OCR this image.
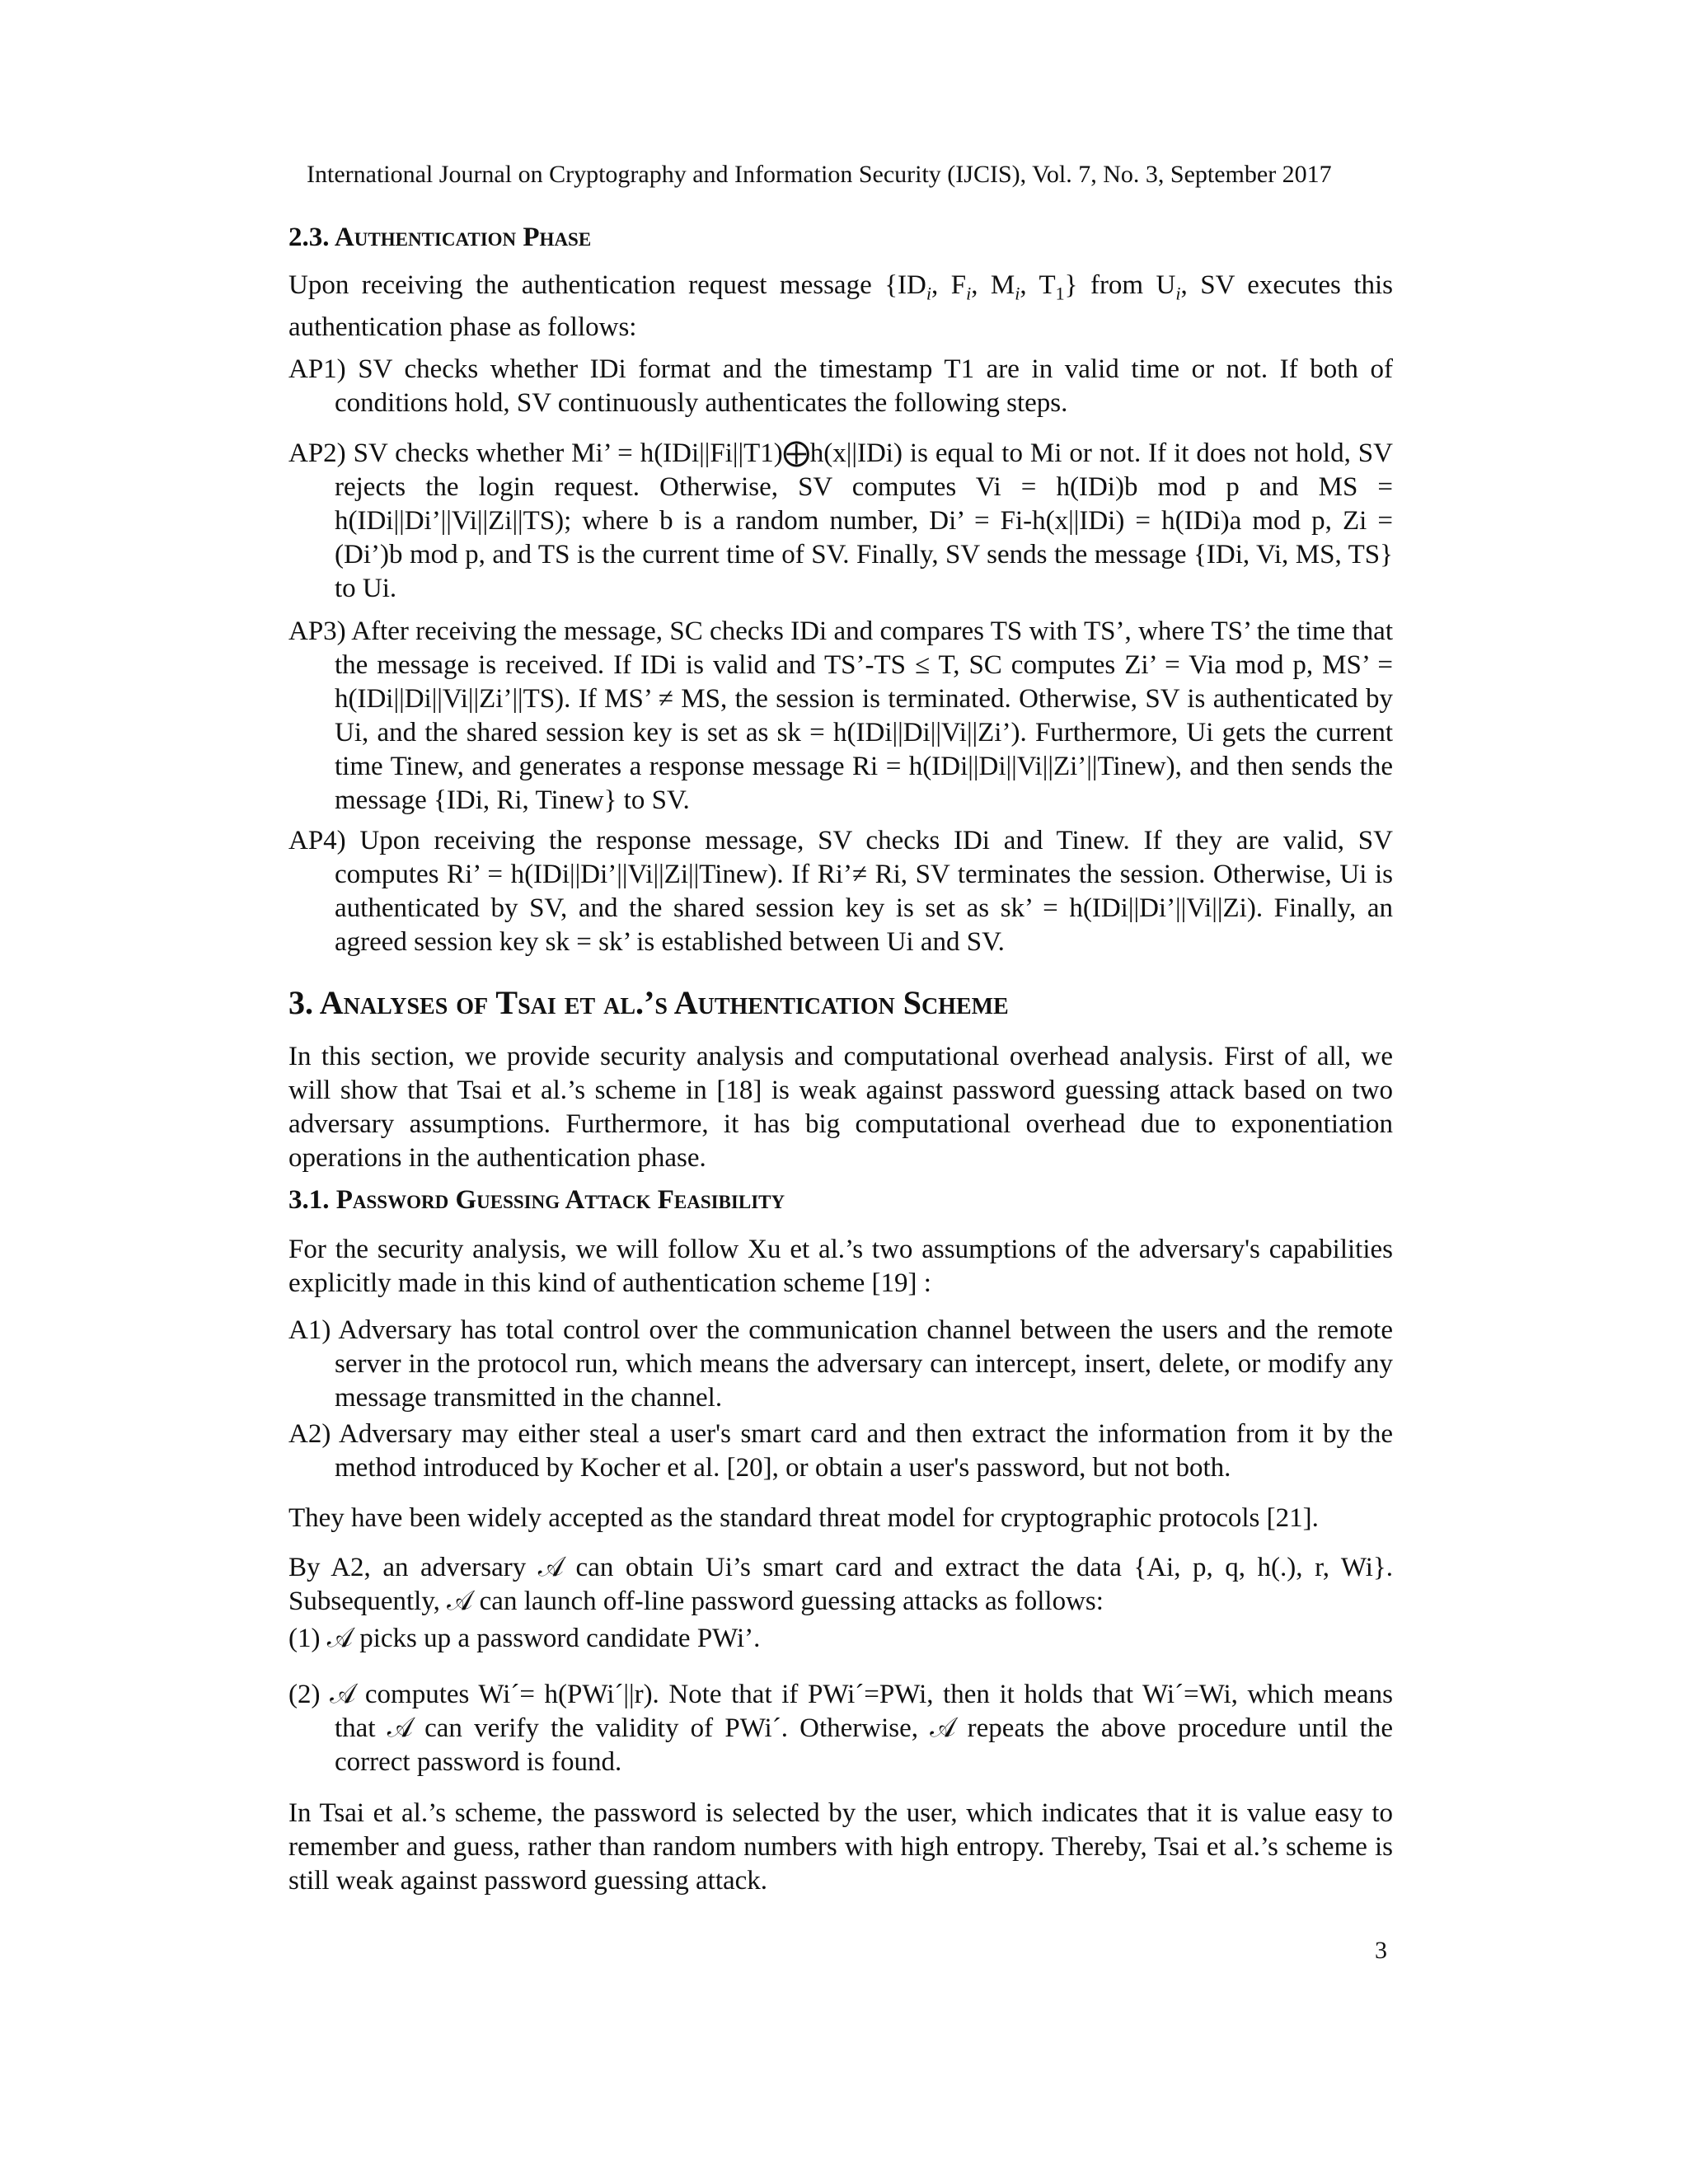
International Journal on Cryptography and Information Security (IJCIS), Vol. 7, No. 3, September 2017
2.3. Authentication Phase
Upon receiving the authentication request message {$ID_i$, $F_i$, $M_i$, $T_1$} from $U_i$, SV executes this authentication phase as follows:
AP1) SV checks whether IDi format and the timestamp T1 are in valid time or not. If both of conditions hold, SV continuously authenticates the following steps.
AP2) SV checks whether Mi’ = h(IDi||Fi||T1)⨁h(x||IDi) is equal to Mi or not. If it does not hold, SV rejects the login request. Otherwise, SV computes Vi = h(IDi)b mod p and MS = h(IDi||Di’||Vi||Zi||TS); where b is a random number, Di’ = Fi-h(x||IDi) = h(IDi)a mod p, Zi = (Di’)b mod p, and TS is the current time of SV. Finally, SV sends the message {IDi, Vi, MS, TS} to Ui.
AP3) After receiving the message, SC checks IDi and compares TS with TS’, where TS’ the time that the message is received. If IDi is valid and TS’-TS ≤ T, SC computes Zi’ = Via mod p, MS’ = h(IDi||Di||Vi||Zi’||TS). If MS’ ≠ MS, the session is terminated. Otherwise, SV is authenticated by Ui, and the shared session key is set as sk = h(IDi||Di||Vi||Zi’). Furthermore, Ui gets the current time Tinew, and generates a response message Ri = h(IDi||Di||Vi||Zi’||Tinew), and then sends the message {IDi, Ri, Tinew} to SV.
AP4) Upon receiving the response message, SV checks IDi and Tinew. If they are valid, SV computes Ri’ = h(IDi||Di’||Vi||Zi||Tinew). If Ri’≠ Ri, SV terminates the session. Otherwise, Ui is authenticated by SV, and the shared session key is set as sk’ = h(IDi||Di’||Vi||Zi). Finally, an agreed session key sk = sk’ is established between Ui and SV.
3. Analyses of Tsai et al.’s Authentication Scheme
In this section, we provide security analysis and computational overhead analysis. First of all, we will show that Tsai et al.’s scheme in [18] is weak against password guessing attack based on two adversary assumptions. Furthermore, it has big computational overhead due to exponentiation operations in the authentication phase.
3.1. Password Guessing Attack Feasibility
For the security analysis, we will follow Xu et al.’s two assumptions of the adversary's capabilities explicitly made in this kind of authentication scheme [19] :
A1) Adversary has total control over the communication channel between the users and the remote server in the protocol run, which means the adversary can intercept, insert, delete, or modify any message transmitted in the channel.
A2) Adversary may either steal a user's smart card and then extract the information from it by the method introduced by Kocher et al. [20], or obtain a user's password, but not both.
They have been widely accepted as the standard threat model for cryptographic protocols [21].
By A2, an adversary 𝒜 can obtain Ui’s smart card and extract the data {Ai, p, q, h(.), r, Wi}. Subsequently, 𝒜 can launch off-line password guessing attacks as follows:
(1) 𝒜 picks up a password candidate PWi’.
(2) 𝒜 computes Wi´= h(PWi´||r). Note that if PWi´=PWi, then it holds that Wi´=Wi, which means that 𝒜 can verify the validity of PWi´. Otherwise, 𝒜 repeats the above procedure until the correct password is found.
In Tsai et al.’s scheme, the password is selected by the user, which indicates that it is value easy to remember and guess, rather than random numbers with high entropy. Thereby, Tsai et al.’s scheme is still weak against password guessing attack.
3
